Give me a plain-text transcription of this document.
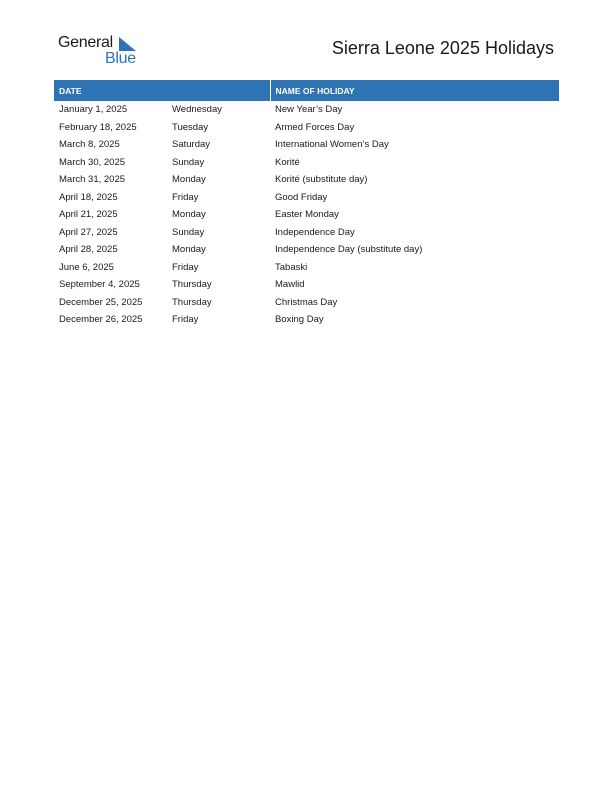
General
Blue
Sierra Leone 2025 Holidays
DATE		NAME OF HOLIDAY
January 1, 2025	Wednesday	New Year’s Day
February 18, 2025	Tuesday	Armed Forces Day
March 8, 2025	Saturday	International Women’s Day
March 30, 2025	Sunday	Korité
March 31, 2025	Monday	Korité (substitute day)
April 18, 2025	Friday	Good Friday
April 21, 2025	Monday	Easter Monday
April 27, 2025	Sunday	Independence Day
April 28, 2025	Monday	Independence Day (substitute day)
June 6, 2025	Friday	Tabaski
September 4, 2025	Thursday	Mawlid
December 25, 2025	Thursday	Christmas Day
December 26, 2025	Friday	Boxing Day
